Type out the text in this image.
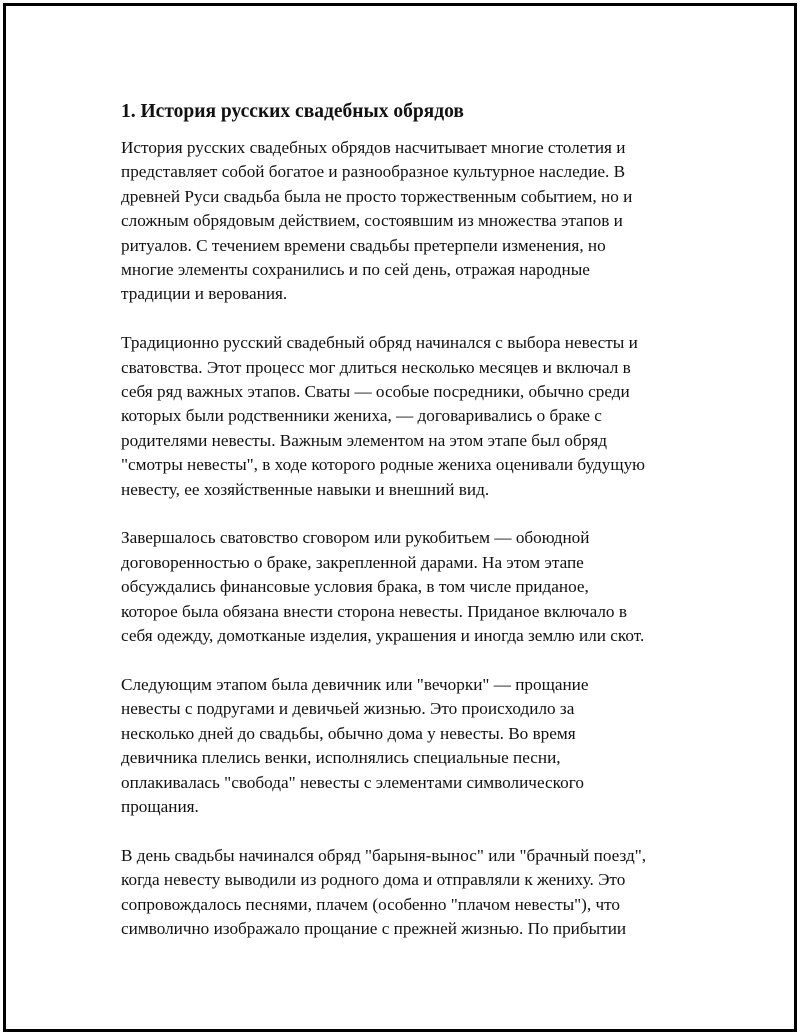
1. История русских свадебных обрядов
История русских свадебных обрядов насчитывает многие столетия и
представляет собой богатое и разнообразное культурное наследие. В
древней Руси свадьба была не просто торжественным событием, но и
сложным обрядовым действием, состоявшим из множества этапов и
ритуалов. С течением времени свадьбы претерпели изменения, но
многие элементы сохранились и по сей день, отражая народные
традиции и верования.
Традиционно русский свадебный обряд начинался с выбора невесты и
сватовства. Этот процесс мог длиться несколько месяцев и включал в
себя ряд важных этапов. Сваты — особые посредники, обычно среди
которых были родственники жениха, — договаривались о браке с
родителями невесты. Важным элементом на этом этапе был обряд
"смотры невесты", в ходе которого родные жениха оценивали будущую
невесту, ее хозяйственные навыки и внешний вид.
Завершалось сватовство сговором или рукобитьем — обоюдной
договоренностью о браке, закрепленной дарами. На этом этапе
обсуждались финансовые условия брака, в том числе приданое,
которое была обязана внести сторона невесты. Приданое включало в
себя одежду, домотканые изделия, украшения и иногда землю или скот.
Следующим этапом была девичник или "вечорки" — прощание
невесты с подругами и девичьей жизнью. Это происходило за
несколько дней до свадьбы, обычно дома у невесты. Во время
девичника плелись венки, исполнялись специальные песни,
оплакивалась "свобода" невесты с элементами символического
прощания.
В день свадьбы начинался обряд "барыня-вынос" или "брачный поезд",
когда невесту выводили из родного дома и отправляли к жениху. Это
сопровождалось песнями, плачем (особенно "плачом невесты"), что
символично изображало прощание с прежней жизнью. По прибытии
